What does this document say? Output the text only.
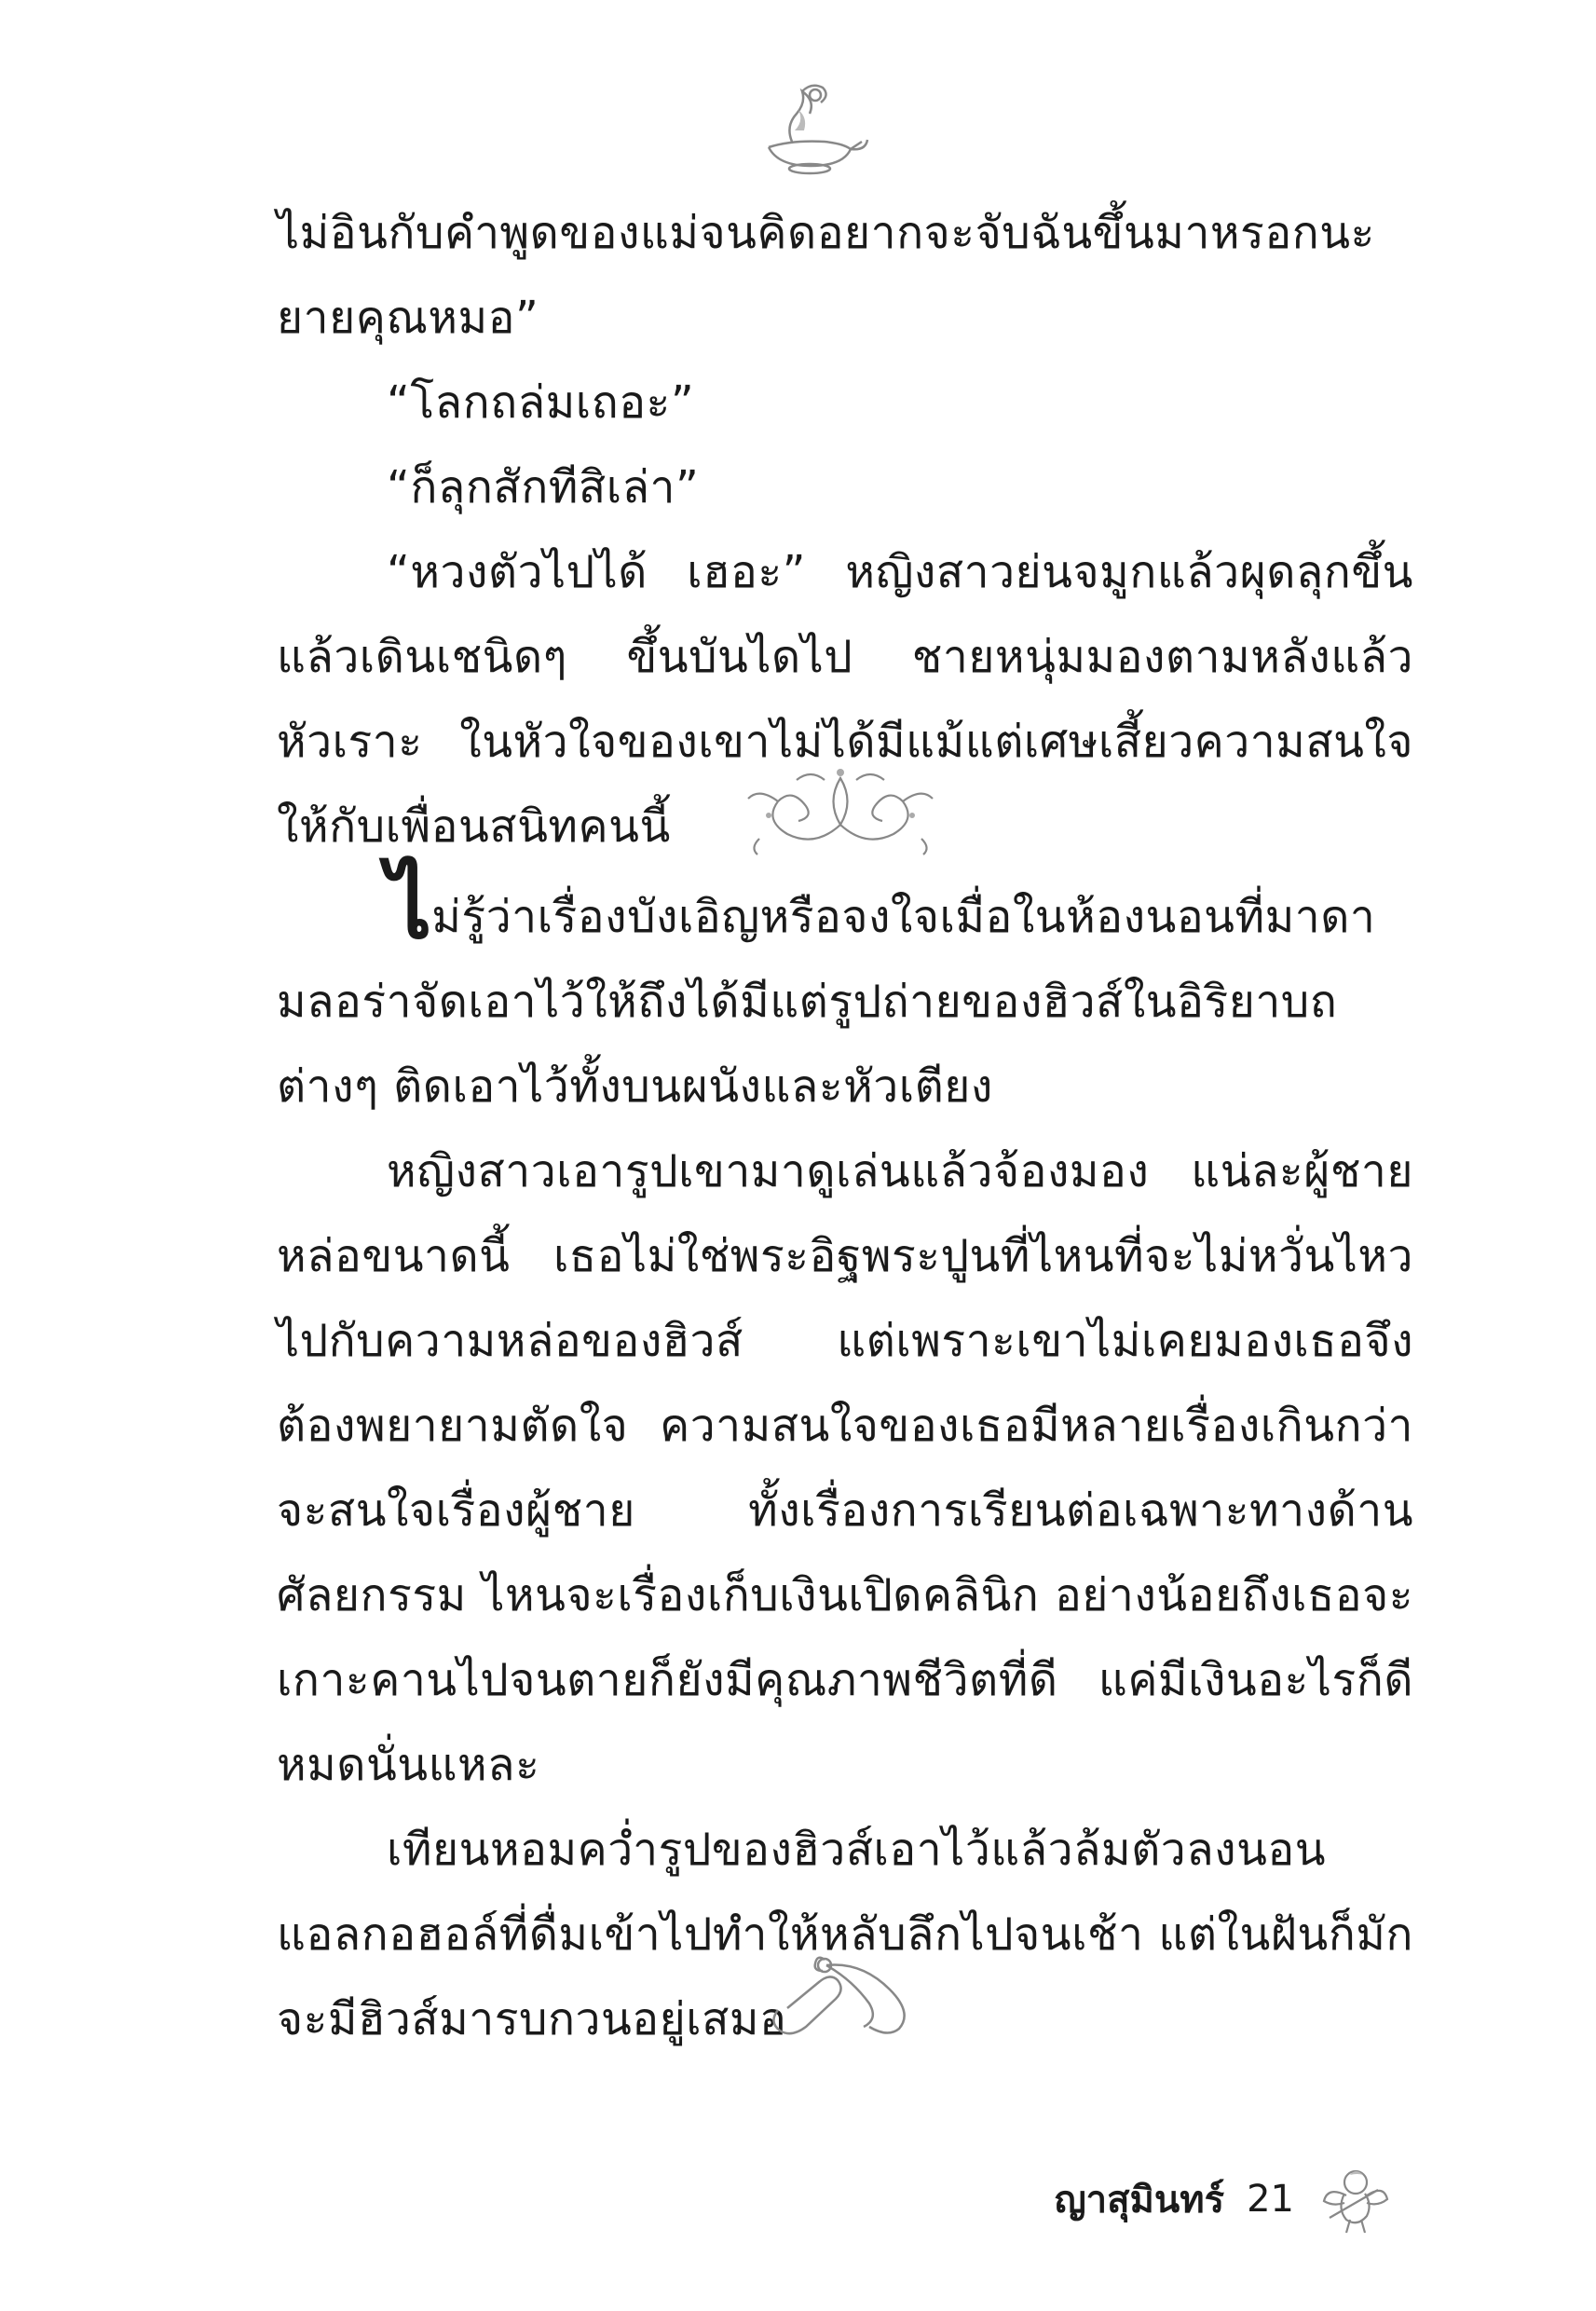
ไม่อินกับคำพูดของแม่จนคิดอยากจะจับฉันขึ้นมาหรอกนะยายคุณหมอ”

“โลกถล่มเถอะ”

“ก็ลุกสักทีสิเล่า”

“หวงตัวไปได้ เฮอะ” หญิงสาวย่นจมูกแล้วผุดลุกขึ้นแล้วเดินเชนิดๆ ขึ้นบันไดไป ชายหนุ่มมองตามหลังแล้วหัวเราะ ในหัวใจของเขาไม่ได้มีแม้แต่เศษเสี้ยวความสนใจให้กับเพื่อนสนิทคนนี้

ไม่รู้ว่าเรื่องบังเอิญหรือจงใจเมื่อในห้องนอนที่มาดามลอร่าจัดเอาไว้ให้ถึงได้มีแต่รูปถ่ายของฮิวส์ในอิริยาบถต่างๆ ติดเอาไว้ทั้งบนผนังและหัวเตียง

หญิงสาวเอารูปเขามาดูเล่นแล้วจ้องมอง แน่ละผู้ชายหล่อขนาดนี้ เธอไม่ใช่พระอิฐพระปูนที่ไหนที่จะไม่หวั่นไหวไปกับความหล่อของฮิวส์ แต่เพราะเขาไม่เคยมองเธอจึงต้องพยายามตัดใจ ความสนใจของเธอมีหลายเรื่องเกินกว่าจะสนใจเรื่องผู้ชาย ทั้งเรื่องการเรียนต่อเฉพาะทางด้านศัลยกรรม ไหนจะเรื่องเก็บเงินเปิดคลินิก อย่างน้อยถึงเธอจะเกาะคานไปจนตายก็ยังมีคุณภาพชีวิตที่ดี แค่มีเงินอะไรก็ดีหมดนั่นแหละ

เทียนหอมคว่ำรูปของฮิวส์เอาไว้แล้วล้มตัวลงนอน แอลกอฮอล์ที่ดื่มเข้าไปทำให้หลับลึกไปจนเช้า แต่ในฝันก็มักจะมีฮิวส์มารบกวนอยู่เสมอ

ญาสุมินทร์ 21
